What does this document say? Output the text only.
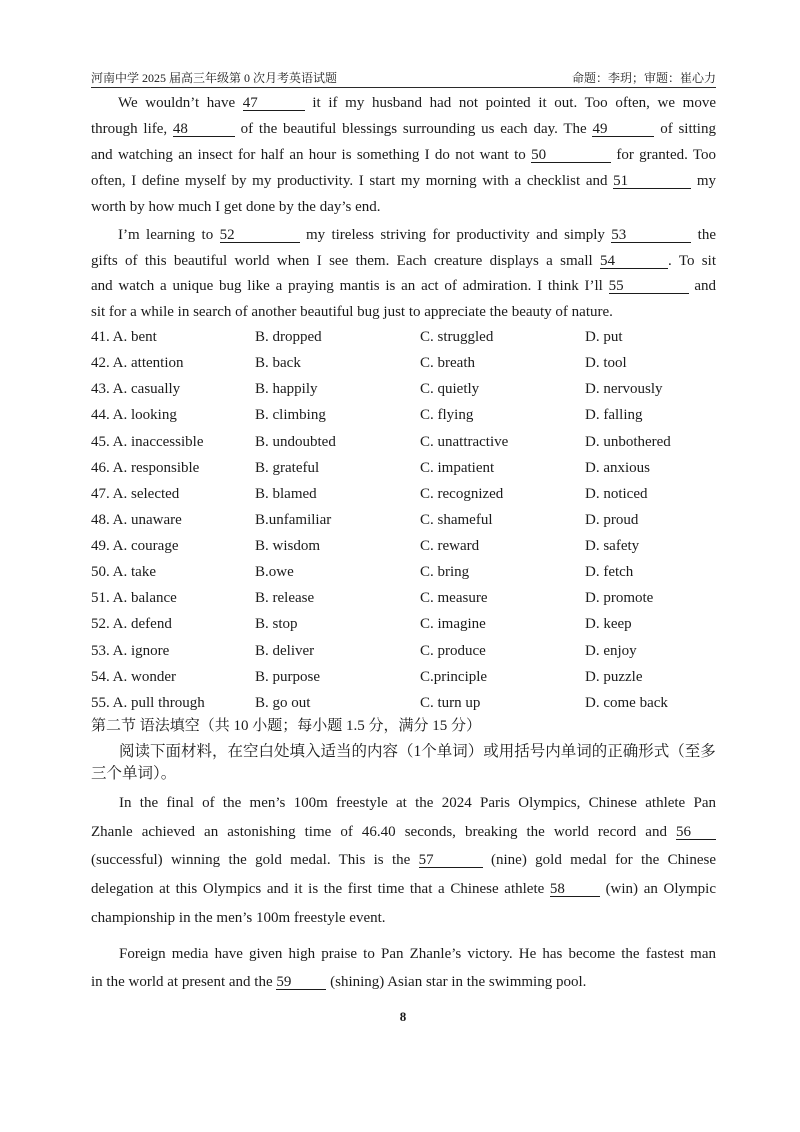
河南中学 2025 届高三年级第 0 次月考英语试题	命题：李玥；审题：崔心力
We wouldn’t have 47	it if my husband had not pointed it out. Too often, we move
through life, 48	of the beautiful blessings surrounding us each day. The 49	of sitting
and watching an insect for half an hour is something I do not want to 50	for granted. Too
often, I define myself by my productivity. I start my morning with a checklist and 51	my
worth by how much I get done by the day’s end.
I’m learning to 52	my tireless striving for productivity and simply 53	the
gifts of this beautiful world when I see them. Each creature displays a small 54	. To sit
and watch a unique bug like a praying mantis is an act of admiration. I think I’ll 55	and
sit for a while in search of another beautiful bug just to appreciate the beauty of nature.
41. A. bent	B. dropped	C. struggled	D. put
42. A. attention	B. back	C. breath	D. tool
43. A. casually	B. happily	C. quietly	D. nervously
44. A. looking	B. climbing	C. flying	D. falling
45. A. inaccessible	B. undoubted	C. unattractive	D. unbothered
46. A. responsible	B. grateful	C. impatient	D. anxious
47. A. selected	B. blamed	C. recognized	D. noticed
48. A. unaware	B.unfamiliar	C. shameful	D. proud
49. A. courage	B. wisdom	C. reward	D. safety
50. A. take	B.owe	C. bring	D. fetch
51. A. balance	B. release	C. measure	D. promote
52. A. defend	B. stop	C. imagine	D. keep
53. A. ignore	B. deliver	C. produce	D. enjoy
54. A. wonder	B. purpose	C.principle	D. puzzle
55. A. pull through	B. go out	C. turn up	D. come back
第二节 语法填空（共 10 小题；每小题 1.5 分，满分 15 分）
阅读下面材料，在空白处填入适当的内容（1个单词）或用括号内单词的正确形式（至多三个单词）。
In the final of the men’s 100m freestyle at the 2024 Paris Olympics, Chinese athlete Pan
Zhanle achieved an astonishing time of 46.40 seconds, breaking the world record and 56
(successful) winning the gold medal. This is the 57	(nine) gold medal for the Chinese
delegation at this Olympics and it is the first time that a Chinese athlete 58 (win) an Olympic
championship in the men’s 100m freestyle event.
Foreign media have given high praise to Pan Zhanle’s victory. He has become the fastest man
in the world at present and the 59 (shining) Asian star in the swimming pool.
8
